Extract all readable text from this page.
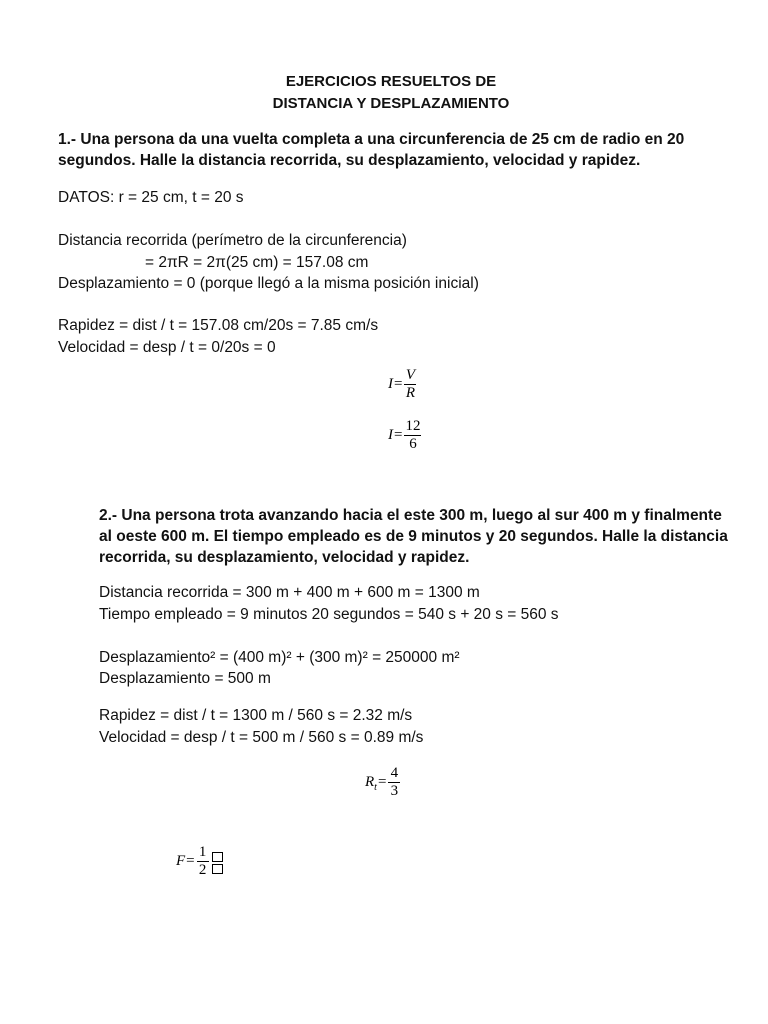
EJERCICIOS RESUELTOS DE
DISTANCIA Y DESPLAZAMIENTO
1.- Una persona da una vuelta completa a una circunferencia de 25 cm de radio en 20
segundos. Halle la distancia recorrida, su desplazamiento, velocidad y rapidez.
DATOS: r = 25 cm, t = 20 s
Distancia recorrida (perímetro de la circunferencia)
= 2πR = 2π(25 cm) = 157.08 cm
Desplazamiento = 0 (porque llegó a la misma posición inicial)
Rapidez = dist / t = 157.08 cm/20s = 7.85 cm/s
Velocidad = desp / t = 0/20s = 0
$I = \frac{V}{R}$
$I = \frac{12}{6}$
2.- Una persona trota avanzando hacia el este 300 m, luego al sur 400 m y finalmente
al oeste 600 m. El tiempo empleado es de 9 minutos y 20 segundos. Halle la distancia
recorrida, su desplazamiento, velocidad y rapidez.
Distancia recorrida = 300 m + 400 m + 600 m = 1300 m
Tiempo empleado = 9 minutos 20 segundos = 540 s + 20 s = 560 s
Desplazamiento² = (400 m)² + (300 m)² = 250000 m²
Desplazamiento = 500 m
Rapidez = dist / t = 1300 m / 560 s = 2.32 m/s
Velocidad = desp / t = 500 m / 560 s = 0.89 m/s
R $t = \frac{4}{3}$
$F = \frac{1}{2}$
